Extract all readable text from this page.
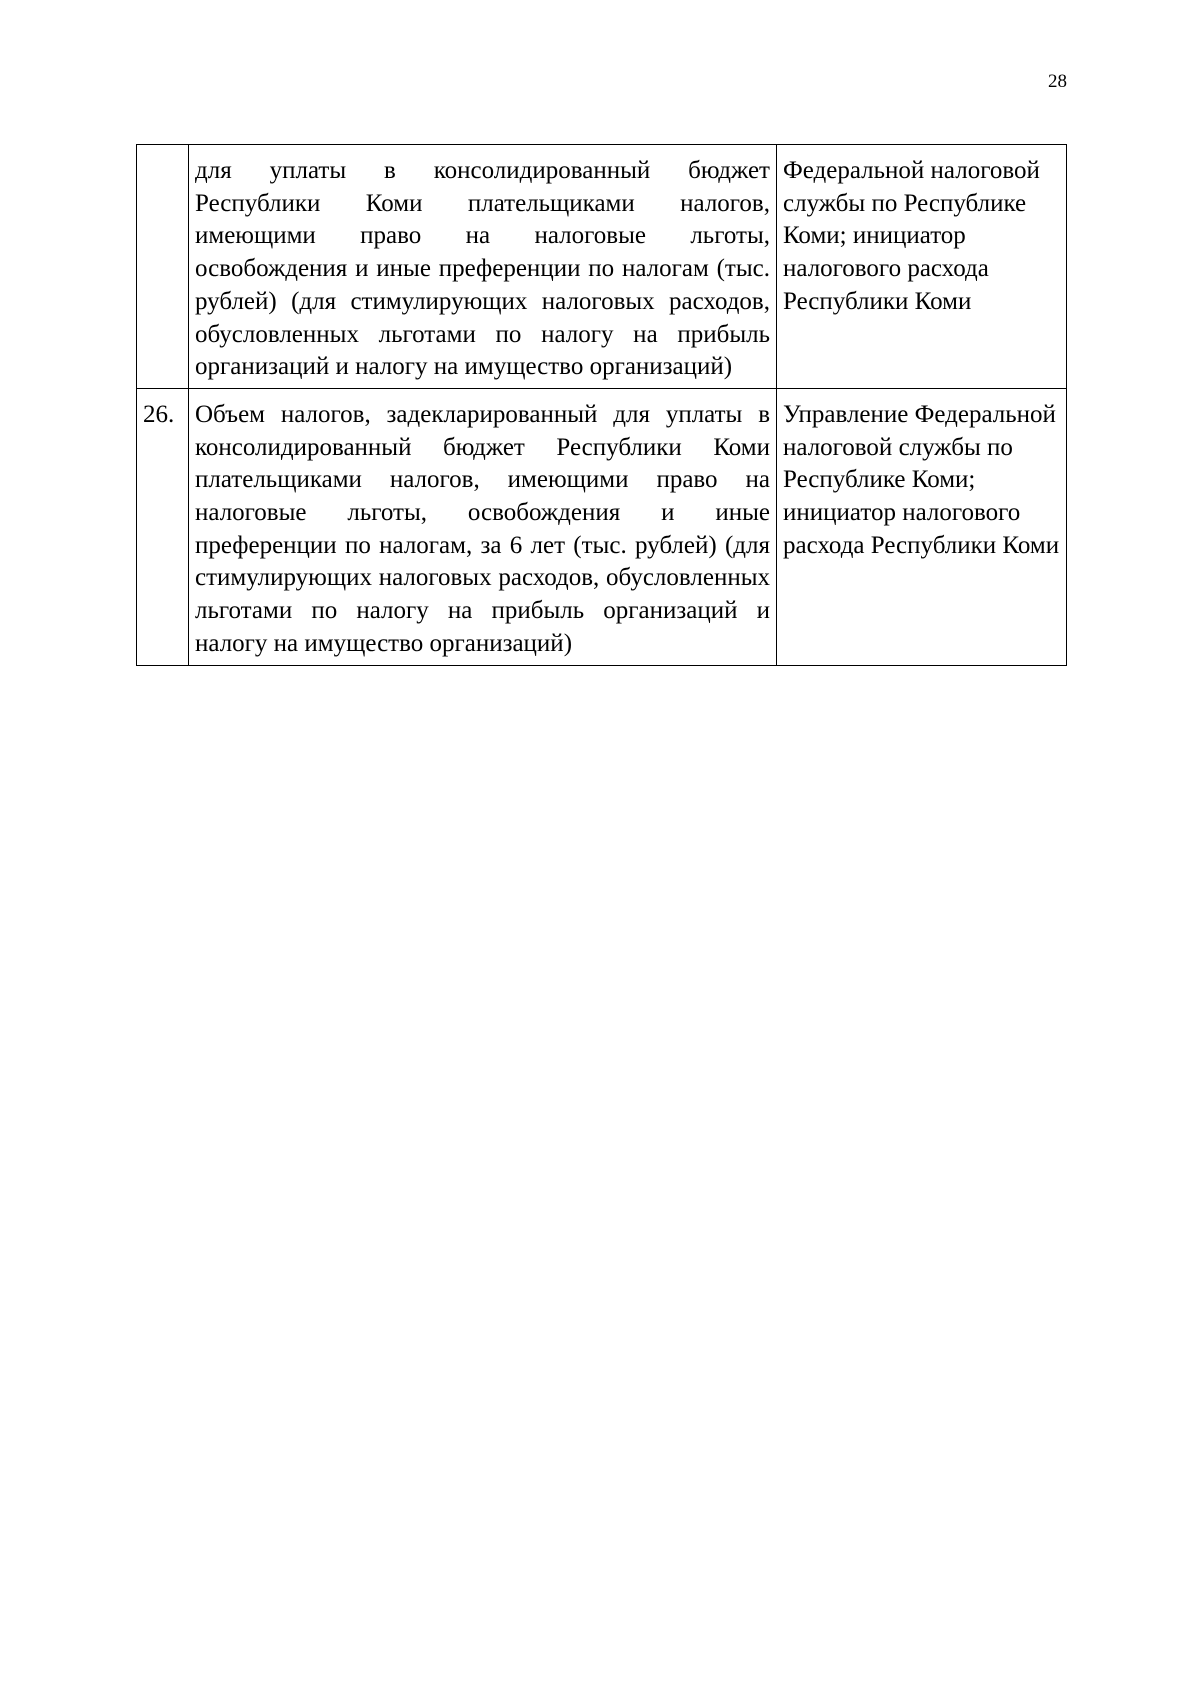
28
	для уплаты в консолидированный бюджет Республики Коми плательщиками налогов, имеющими право на налоговые льготы, освобождения и иные преференции по налогам (тыс. рублей) (для стимулирующих налоговых расходов, обусловленных льготами по налогу на прибыль организаций и налогу на имущество организаций)	Федеральной налоговой службы по Республике Коми; инициатор налогового расхода Республики Коми
26.	Объем налогов, задекларированный для уплаты в консолидированный бюджет Республики Коми плательщиками налогов, имеющими право на налоговые льготы, освобождения и иные преференции по налогам, за 6 лет (тыс. рублей) (для стимулирующих налоговых расходов, обусловленных льготами по налогу на прибыль организаций и налогу на имущество организаций)	Управление Федеральной налоговой службы по Республике Коми; инициатор налогового расхода Республики Коми
